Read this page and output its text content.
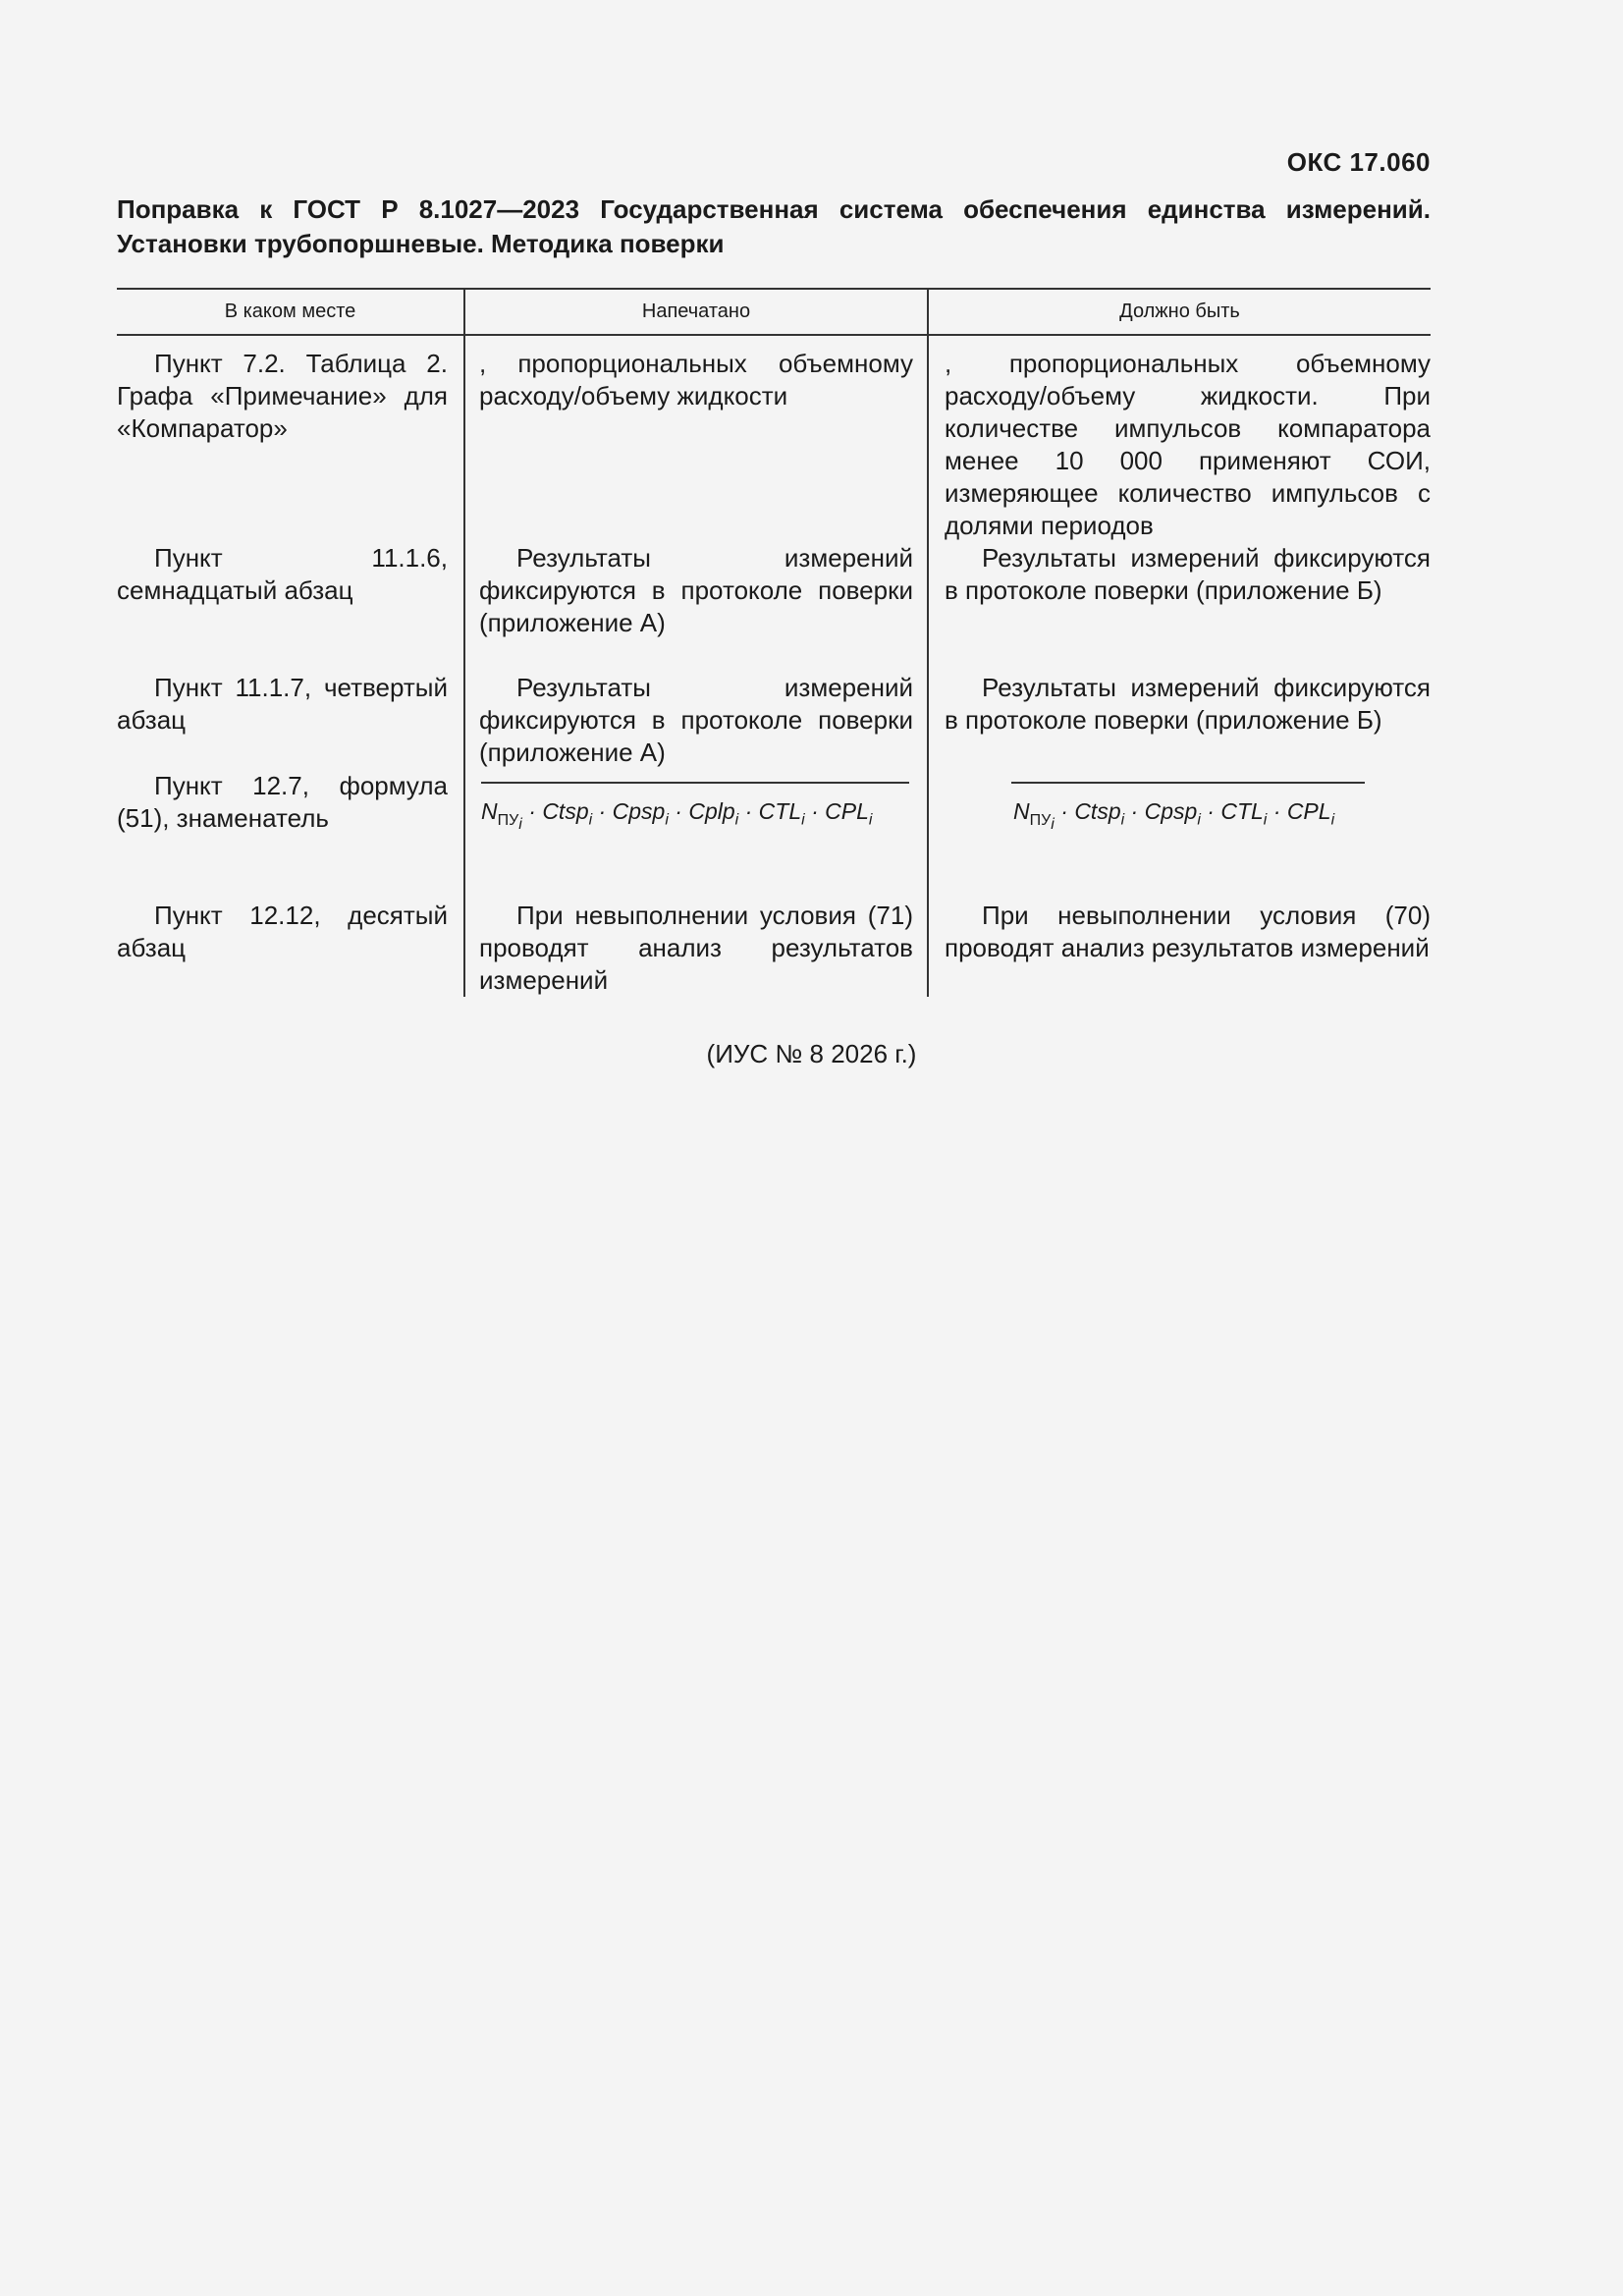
ОКС 17.060
Поправка к ГОСТ Р 8.1027—2023 Государственная система обеспечения единства измерений.
Установки трубопоршневые. Методика поверки
В каком месте	Напечатано	Должно быть

Пункт 7.2. Таблица 2. Графа «Примечание» для «Компаратор»	, пропорциональных объемному расходу/объему жидкости	, пропорциональных объемному расходу/объему жидкости. При количестве импульсов компаратора менее 10 000 применяют СОИ, измеряющее количество импульсов с долями периодов

Пункт 11.1.6, семнадцатый абзац	Результаты измерений фиксируются в протоколе поверки (приложение А)	Результаты измерений фиксируются в протоколе поверки (приложение Б)

Пункт 11.1.7, четвертый абзац	Результаты измерений фиксируются в протоколе поверки (приложение А)	Результаты измерений фиксируются в протоколе поверки (приложение Б)

Пункт 12.7, формула (51), знаменатель	$N_{ПУ_i}$ · Ctsp$_i$ · Cpsp$_i$ · Cplp$_i$ · $CTL_i \cdot CPL_i$	$N_{ПУ_i}$ · Ctsp$_i$ · Cpsp$_i$ · $CTL_i \cdot CPL_i$

Пункт 12.12, десятый абзац	При невыполнении условия (71) проводят анализ результатов измерений	При невыполнении условия (70) проводят анализ результатов измерений

(ИУС № 8 2026 г.)
